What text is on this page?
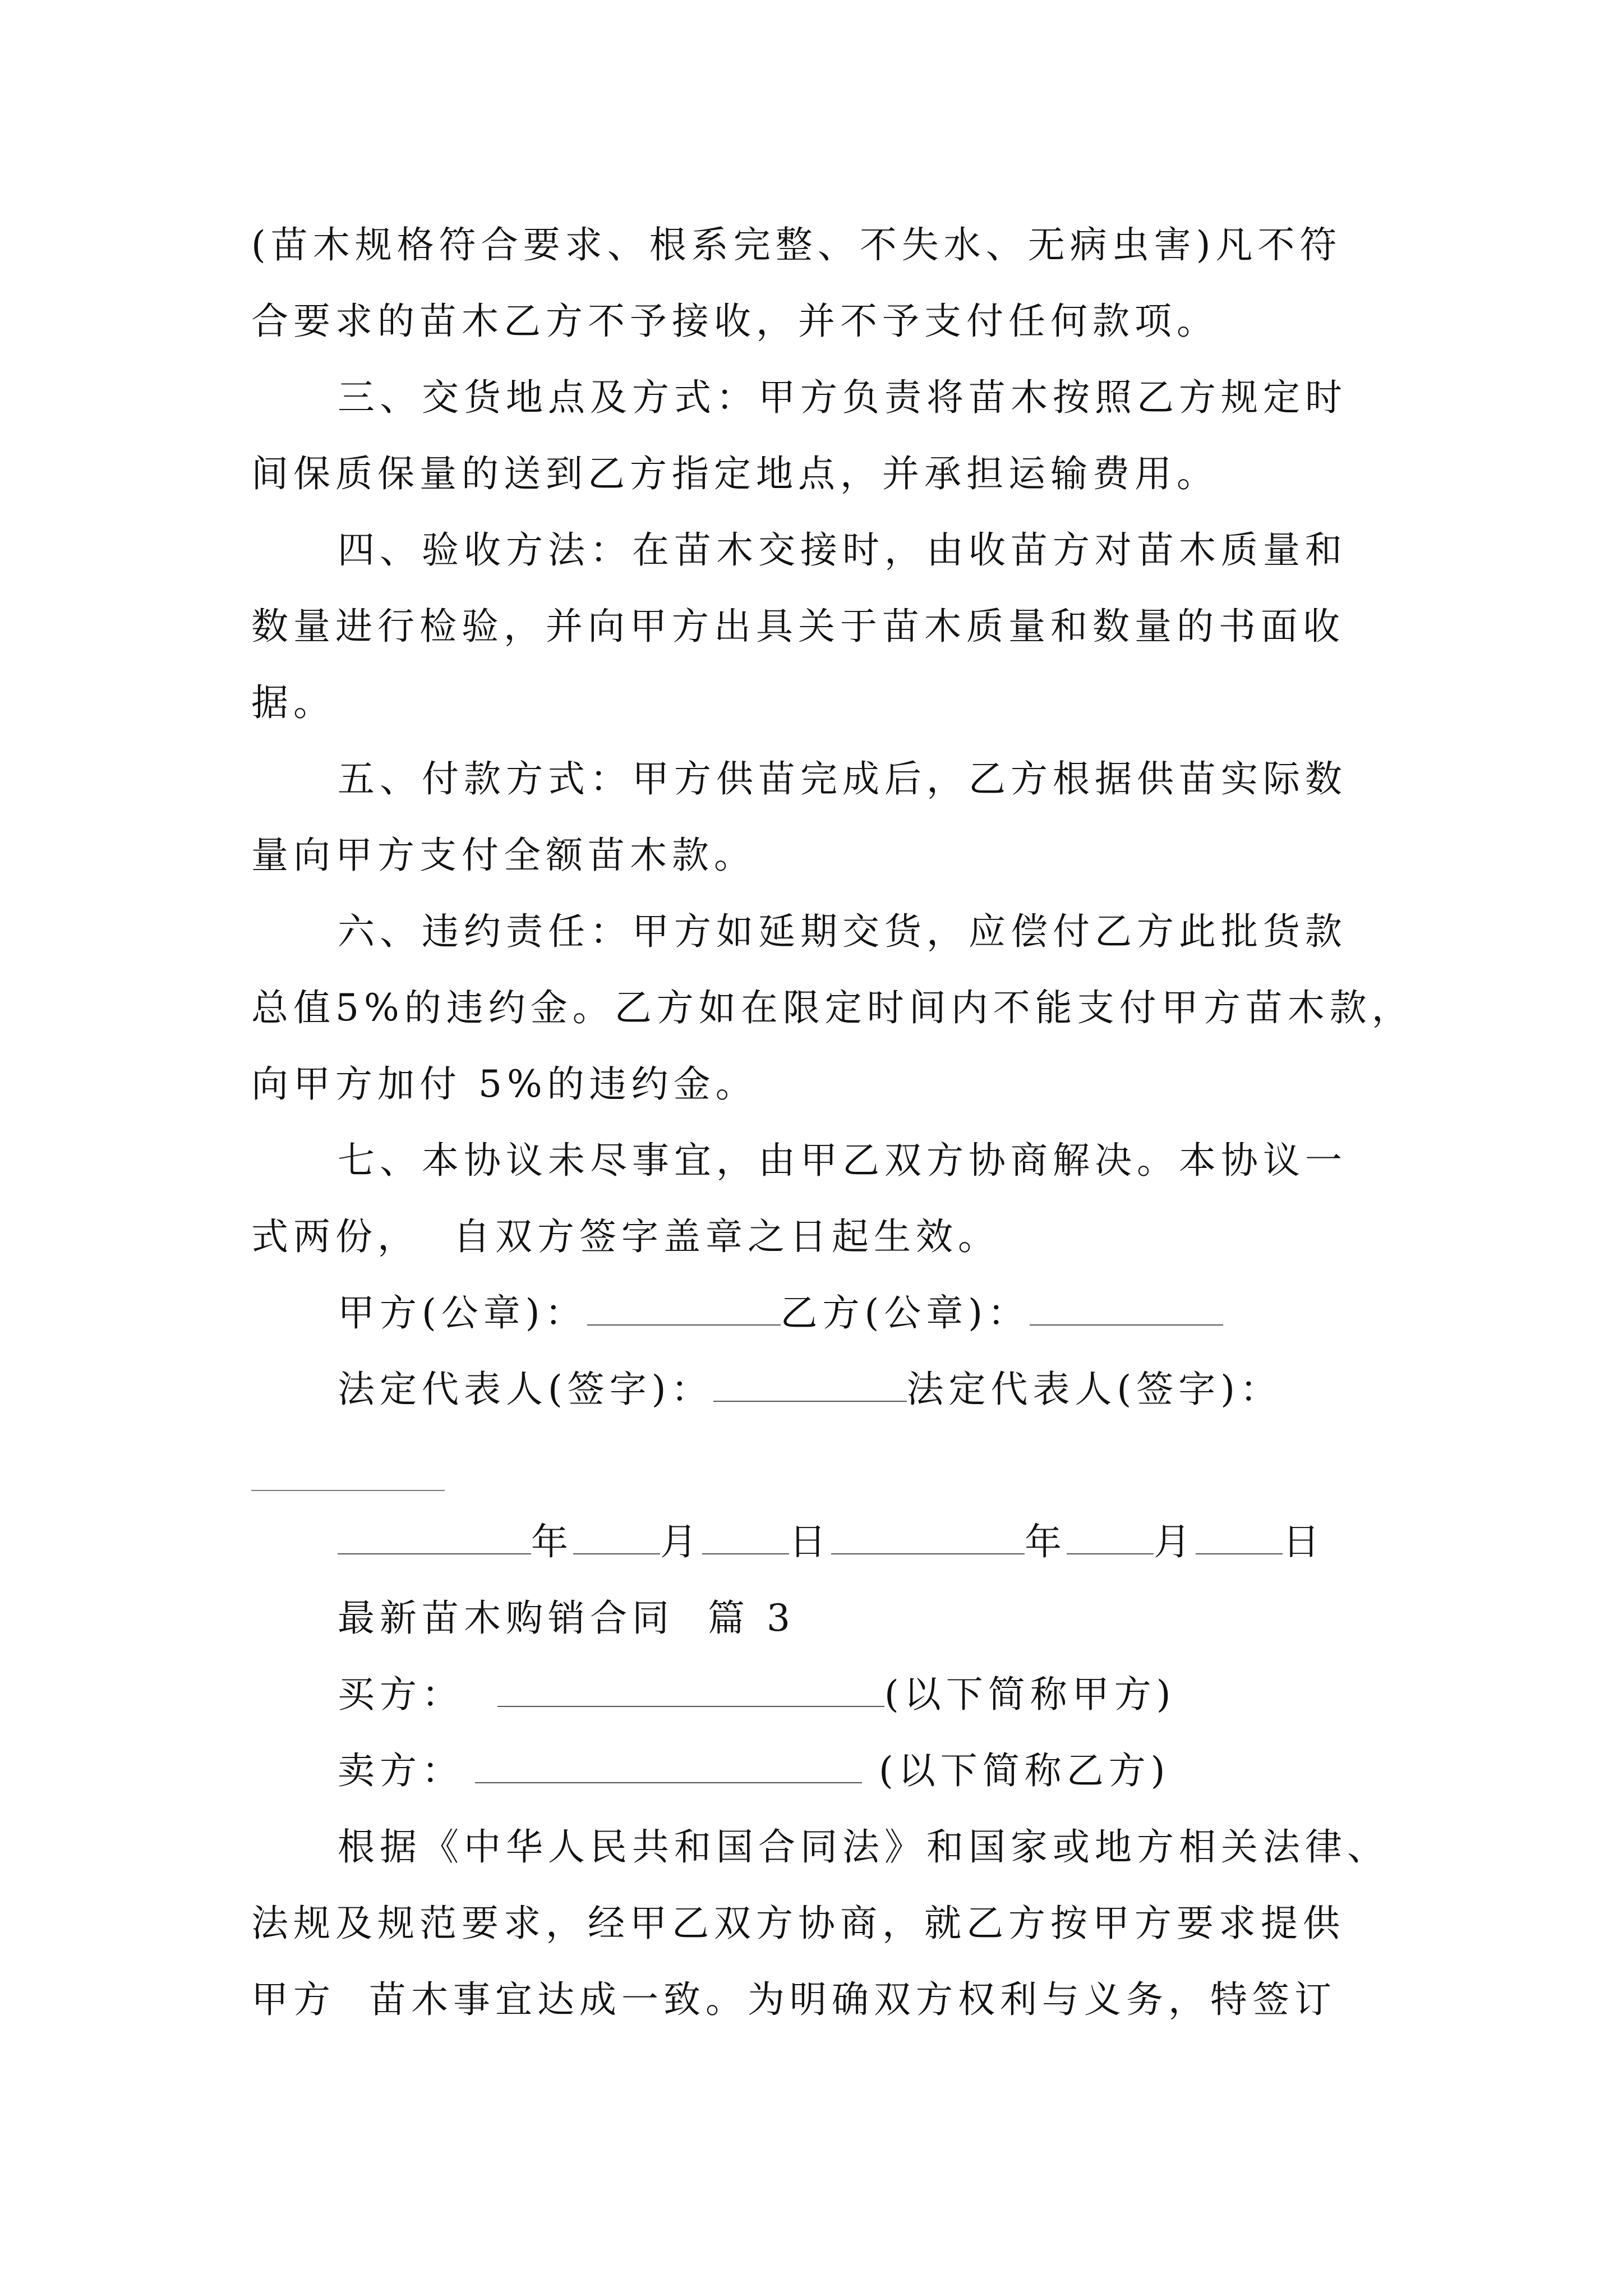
(苗木规格符合要求、根系完整、不失水、无病虫害)凡不符
合要求的苗木乙方不予接收，并不予支付任何款项。
三、交货地点及方式：甲方负责将苗木按照乙方规定时
间保质保量的送到乙方指定地点，并承担运输费用。
四、验收方法：在苗木交接时，由收苗方对苗木质量和
数量进行检验，并向甲方出具关于苗木质量和数量的书面收
据。
五、付款方式：甲方供苗完成后，乙方根据供苗实际数
量向甲方支付全额苗木款。
六、违约责任：甲方如延期交货，应偿付乙方此批货款
总值5%的违约金。乙方如在限定时间内不能支付甲方苗木款，
向甲方加付 5%的违约金。
七、本协议未尽事宜，由甲乙双方协商解决。本协议一
式两份，  自双方签字盖章之日起生效。
甲方(公章)：	乙方(公章)：
法定代表人(签字)：	法定代表人(签字)：
年 月 日	年 月 日
最新苗木购销合同  篇 3
买方：	(以下简称甲方)
卖方：	(以下简称乙方)
根据《中华人民共和国合同法》和国家或地方相关法律、
法规及规范要求，经甲乙双方协商，就乙方按甲方要求提供
甲方  苗木事宜达成一致。为明确双方权利与义务，特签订
